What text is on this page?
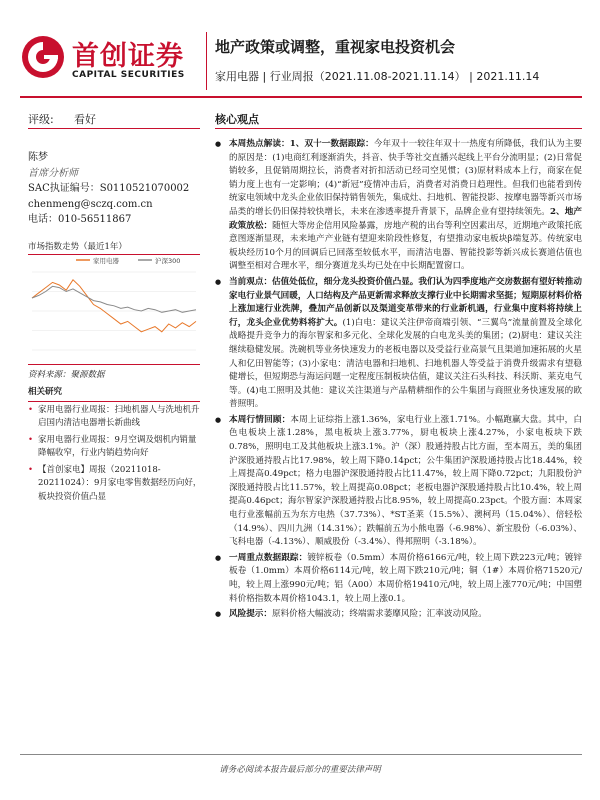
首创证券
CAPITAL SECURITIES
地产政策或调整，重视家电投资机会
家用电器 | 行业周报（2021.11.08-2021.11.14） | 2021.11.14
评级: 看好
陈梦
首席分析师
SAC执证编号：S0110521070002
chenmeng@sczq.com.cn
电话：010-56511867
市场指数走势（最近1年）
家用电器	沪深300
资料来源：聚源数据
相关研究
• 家用电器行业周报：扫地机器人与洗地机升启国内清洁电器增长新曲线
• 家用电器行业周报：9月空调及烟机内销量降幅收窄，行业内销趋势向好
• 【首创家电】周报（20211018-20211024）：9月家电零售数据经历向好，板块投资价值凸显
核心观点
● 本周热点解读：1、双十一数据跟踪：今年双十一较往年双十一热度有所降低，我们认为主要的原因是：(1)电商红利逐渐消失，抖音、快手等社交直播兴起线上平台分流明显；(2)日常促销较多，且促销周期拉长，消费者对折扣活动已经司空见惯；(3)原材料成本上行，商家在促销力度上也有一定影响；(4)“新冠”疫情冲击后，消费者对消费日趋理性。但我们也能看到传统家电领域中龙头企业依旧保持销售领先，集成灶、扫地机、智能投影、按摩电器等新兴市场品类的增长仍旧保持较快增长，未来在渗透率提升背景下，品牌企业有望持续领先。2、地产政策放松：随恒大等房企信用风险暴露，房地产税的出台等利空因素出尽，近期地产政策托底意图逐渐显现，未来地产产业链有望迎来阶段性修复，有望推动家电板块β端复苏。传统家电板块经历10个月的回调后已回落至较低水平，而清洁电器、智能投影等新兴成长赛道估值也调整至相对合理水平，细分赛道龙头均已处在中长期配置窗口。
● 当前观点：估值处低位，细分龙头投资价值凸显。我们认为四季度地产交房数据有望好转推动家电行业景气回暖，人口结构及产品更新需求释放支撑行业中长期需求坚挺；短期原材料价格上涨加速行业洗牌，叠加产品创新以及渠道变革带来的行业新机遇，行业集中度料将持续上行，龙头企业优势料将扩大。(1)白电：建议关注伊帝商端引领、“三翼鸟”流量前置及全球化战略提升竞争力的海尔智家和多元化、全球化发展的白电龙头美的集团；(2)厨电：建议关注继续稳健发展。洗碗机等业务快速发力的老板电器以及受益行业高景气且渠道加速拓展的火星人和亿田智能等；(3)小家电：清洁电器和扫地机、扫地机器人等受益于消费升级需求有望稳健增长，但短期恐与海运问题一定程度压制板块估值，建议关注石头科技、科沃斯、莱克电气等。(4)电工照明及其他：建议关注渠道与产品精耕细作的公牛集团与商照业务快速发展的欧普照明。
● 本周行情回顾：本周上证综指上涨1.36%，家电行业上涨1.71%。小幅跑赢大盘。其中，白色电板块上涨1.28%，黑电板块上涨3.77%，厨电板块上涨4.27%，小家电板块下跌0.78%，照明电工及其他板块上涨3.1%。沪（深）股通持股占比方面，至本周五，美的集团沪深股通持股占比17.98%，较上周下降0.14pct；公牛集团沪深股通持股占比18.44%，较上周提高0.49pct；格力电器沪深股通持股占比11.47%，较上周下降0.72pct；九阳股份沪深股通持股占比11.57%，较上周提高0.08pct；老板电器沪深股通持股占比10.4%，较上周提高0.46pct；海尔智家沪深股通持股占比8.95%，较上周提高0.23pct。个股方面：本周家电行业涨幅前五为东方电热（37.73%）、*ST圣莱（15.5%）、澳柯玛（15.04%）、倍轻松（14.9%）、四川九洲（14.31%）；跌幅前五为小熊电器（-6.98%）、新宝股份（-6.03%）、飞科电器（-4.13%）、顺威股份（-3.4%）、得邦照明（-3.18%）。
● 一周重点数据跟踪：镀锌板卷（0.5mm）本周价格6166元/吨，较上周下跌223元/吨；镀锌板卷（1.0mm）本周价格6114元/吨，较上周下跌210元/吨；铜（1#）本周价格71520元/吨，较上周上涨990元/吨；铝（A00）本周价格19410元/吨，较上周上涨770元/吨；中国塑料价格指数本周价格1043.1，较上周上涨0.1。
● 风险提示：原料价格大幅波动；终端需求萎靡风险；汇率波动风险。
请务必阅读本报告最后部分的重要法律声明
